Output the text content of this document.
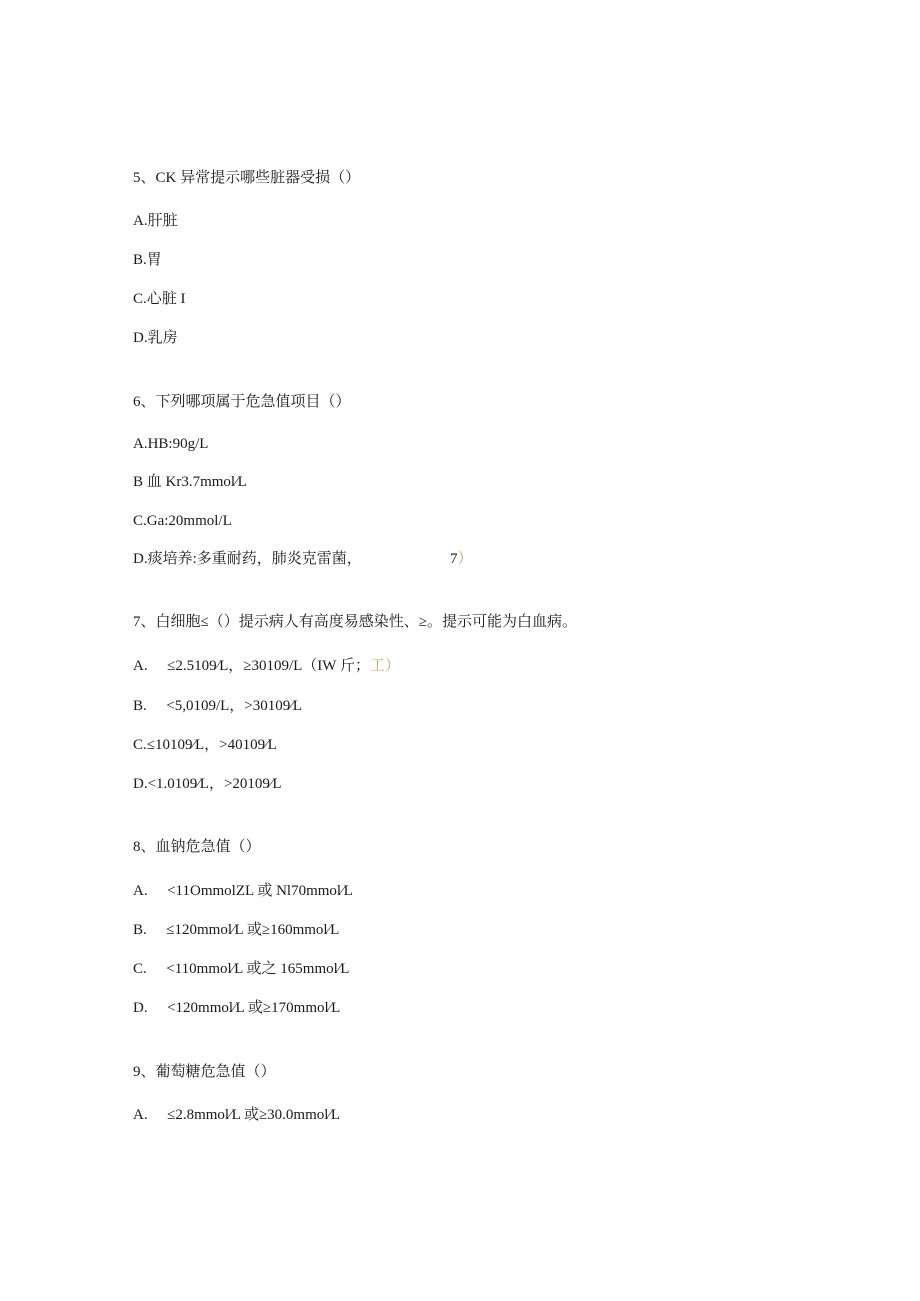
5、CK 异常提示哪些脏器受损（）
A.肝脏
B.胃
C.心脏 I
D.乳房
6、下列哪项属于危急值项目（）
A.HB:90g/L
B 血 Kr3.7mmol⁄L
C.Ga:20mmol/L
D.痰培养:多重耐药，肺炎克雷菌，	7）
7、白细胞≤（）提示病人有高度易感染性、≥。提示可能为白血病。
A. ≤2.5109⁄L，≥30109/L（IW 斤；工）
B. <5,0109/L，>30109⁄L
C.≤10109⁄L，>40109⁄L
D.<1.0109⁄L，>20109⁄L
8、血钠危急值（）
A. <11OmmolZL 或 Nl70mmol⁄L
B. ≤120mmol⁄L 或≥160mmol⁄L
C. <110mmol⁄L 或之 165mmol⁄L
D. <120mmol⁄L 或≥170mmol⁄L
9、葡萄糖危急值（）
A. ≤2.8mmol⁄L 或≥30.0mmol⁄L
